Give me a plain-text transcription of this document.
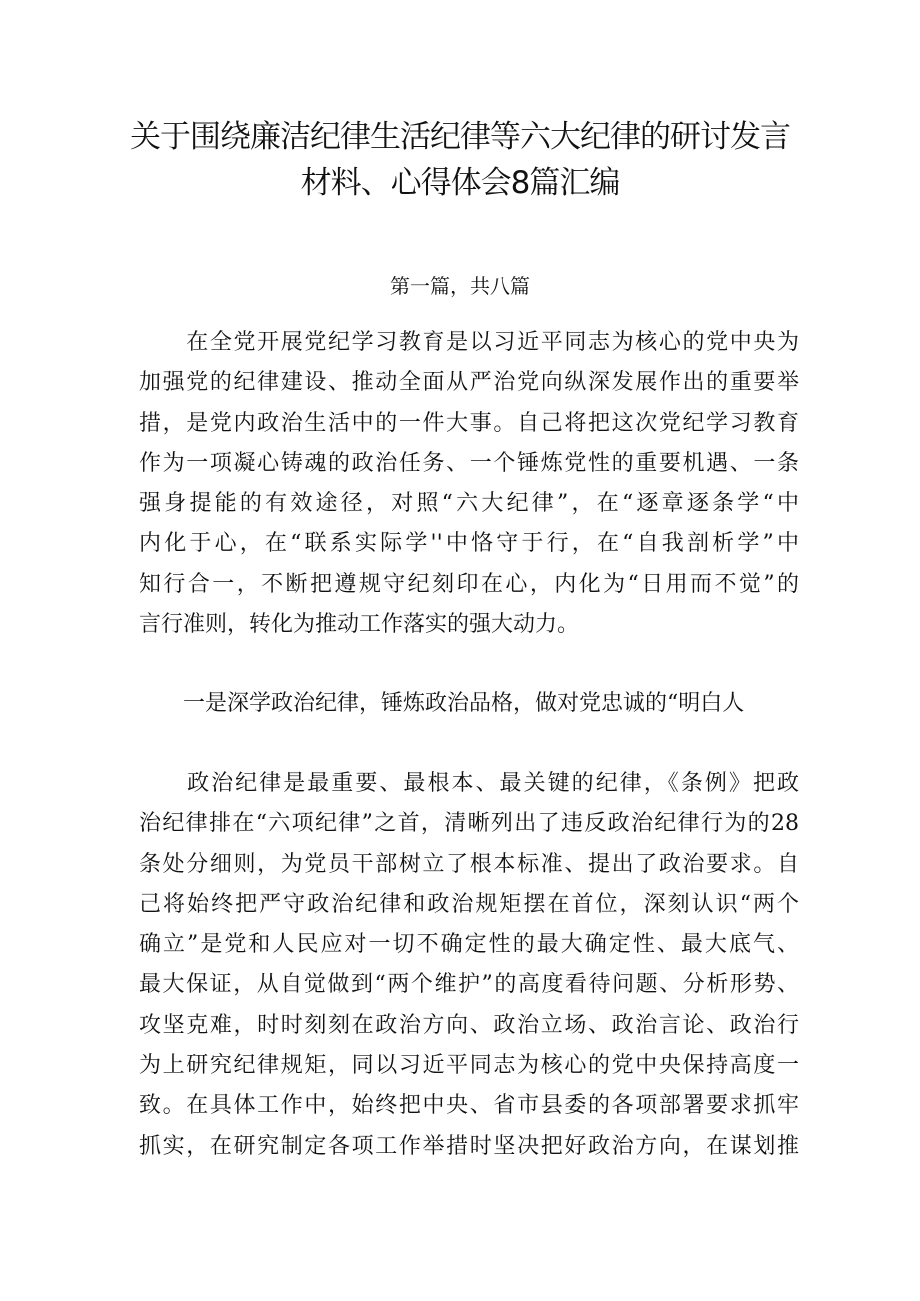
关于围绕廉洁纪律生活纪律等六大纪律的研讨发言
材料、心得体会8篇汇编
第一篇，共八篇
　　在全党开展党纪学习教育是以习近平同志为核心的党中央为
加强党的纪律建设、推动全面从严治党向纵深发展作出的重要举
措，是党内政治生活中的一件大事。自己将把这次党纪学习教育
作为一项凝心铸魂的政治任务、一个锤炼党性的重要机遇、一条
强身提能的有效途径，对照“六大纪律”，在“逐章逐条学“中
内化于心，在“联系实际学''中恪守于行，在“自我剖析学”中
知行合一，不断把遵规守纪刻印在心，内化为“日用而不觉”的
言行准则，转化为推动工作落实的强大动力。
　　一是深学政治纪律，锤炼政治品格，做对党忠诚的“明白人
　　政治纪律是最重要、最根本、最关键的纪律，《条例》把政
治纪律排在“六项纪律”之首，清晰列出了违反政治纪律行为的28
条处分细则，为党员干部树立了根本标准、提出了政治要求。自
己将始终把严守政治纪律和政治规矩摆在首位，深刻认识“两个
确立”是党和人民应对一切不确定性的最大确定性、最大底气、
最大保证，从自觉做到“两个维护”的高度看待问题、分析形势、
攻坚克难，时时刻刻在政治方向、政治立场、政治言论、政治行
为上研究纪律规矩，同以习近平同志为核心的党中央保持高度一
致。在具体工作中，始终把中央、省市县委的各项部署要求抓牢
抓实，在研究制定各项工作举措时坚决把好政治方向，在谋划推
